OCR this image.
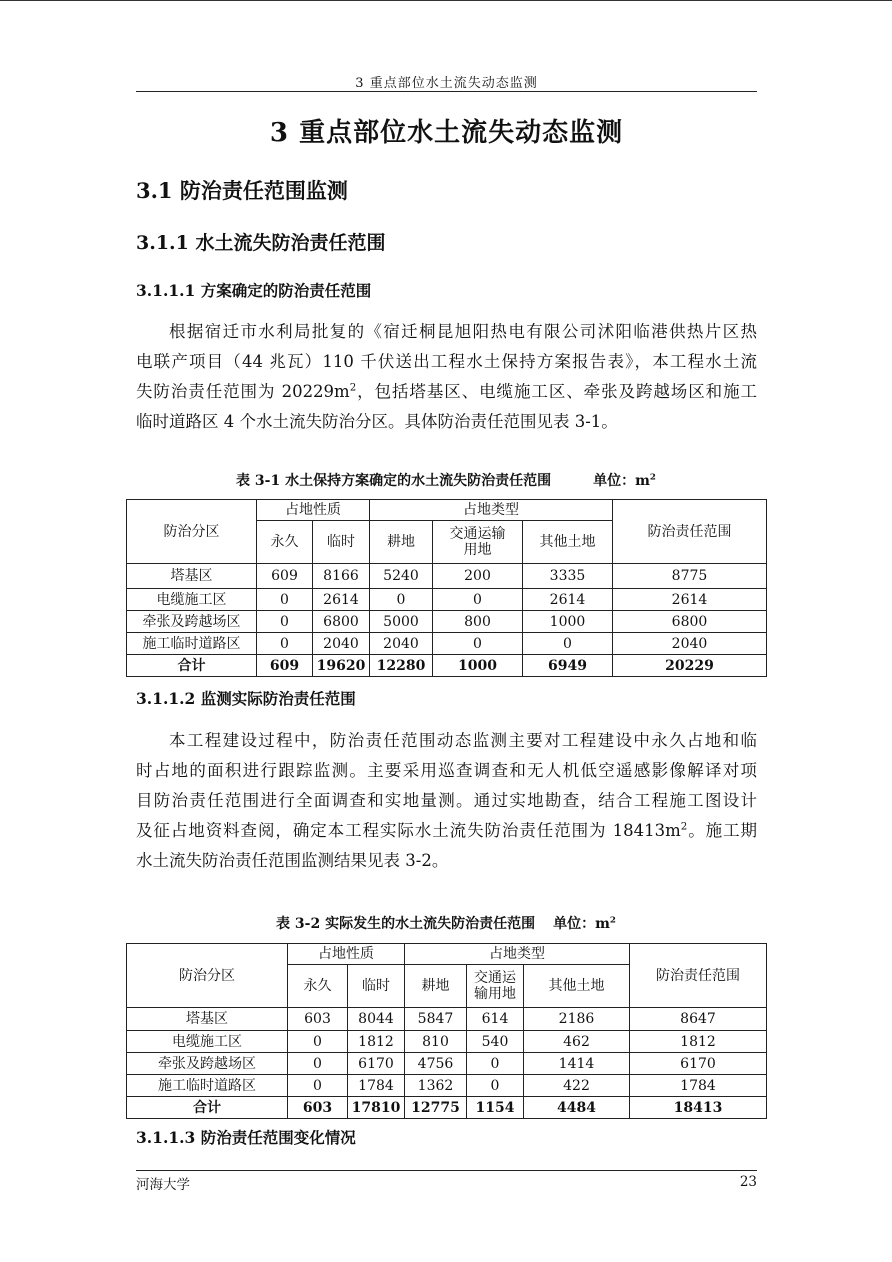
3 重点部位水土流失动态监测
3 重点部位水土流失动态监测
3.1 防治责任范围监测
3.1.1 水土流失防治责任范围
3.1.1.1 方案确定的防治责任范围
根据宿迁市水利局批复的《宿迁桐昆旭阳热电有限公司沭阳临港供热片区热
电联产项目（44 兆瓦）110 千伏送出工程水土保持方案报告表》，本工程水土流
失防治责任范围为 $20229m^2$，包括塔基区、电缆施工区、牵张及跨越场区和施工
临时道路区 4 个水土流失防治分区。具体防治责任范围见表 3-1。
表 3-1 水土保持方案确定的水土流失防治责任范围	单位：$m^2$
防治分区	占地性质		占地类型			防治责任范围
	永久	临时	耕地	交通运输
用地	其他土地	
塔基区	609	8166	5240	200	3335	8775
电缆施工区	0	2614	0	0	2614	2614
牵张及跨越场区	0	6800	5000	800	1000	6800
施工临时道路区	0	2040	2040	0	0	2040
合计	609	19620	12280	1000	6949	20229
3.1.1.2 监测实际防治责任范围
本工程建设过程中，防治责任范围动态监测主要对工程建设中永久占地和临
时占地的面积进行跟踪监测。主要采用巡查调查和无人机低空遥感影像解译对项
目防治责任范围进行全面调查和实地量测。通过实地勘查，结合工程施工图设计
及征占地资料查阅，确定本工程实际水土流失防治责任范围为 $18413m^2$。施工期
水土流失防治责任范围监测结果见表 3-2。
表 3-2 实际发生的水土流失防治责任范围 单位：$m^2$
防治分区	占地性质		占地类型			防治责任范围
	永久	临时	耕地	交通运
输用地	其他土地	
塔基区	603	8044	5847	614	2186	8647
电缆施工区	0	1812	810	540	462	1812
牵张及跨越场区	0	6170	4756	0	1414	6170
施工临时道路区	0	1784	1362	0	422	1784
合计	603	17810	12775	1154	4484	18413
3.1.1.3 防治责任范围变化情况
河海大学	23
